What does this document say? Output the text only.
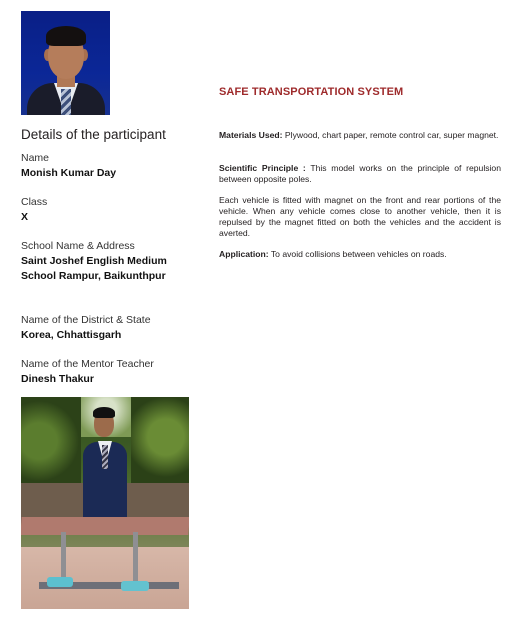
Details of the participant
Name
Monish Kumar Day
Class
X
School Name & Address
Saint Joshef English Medium
School Rampur, Baikunthpur
Name of the District & State
Korea, Chhattisgarh
Name of the Mentor Teacher
Dinesh Thakur
SAFE TRANSPORTATION SYSTEM

Materials Used: Plywood, chart paper, remote control car, super magnet.

Scientific Principle : This model works on the principle of repulsion between opposite poles.

Each vehicle is fitted with magnet on the front and rear portions of the vehicle. When any vehicle comes close to another vehicle, then it is repulsed by the magnet fitted on both the vehicles and the accident is averted.

Application: To avoid collisions between vehicles on roads.
